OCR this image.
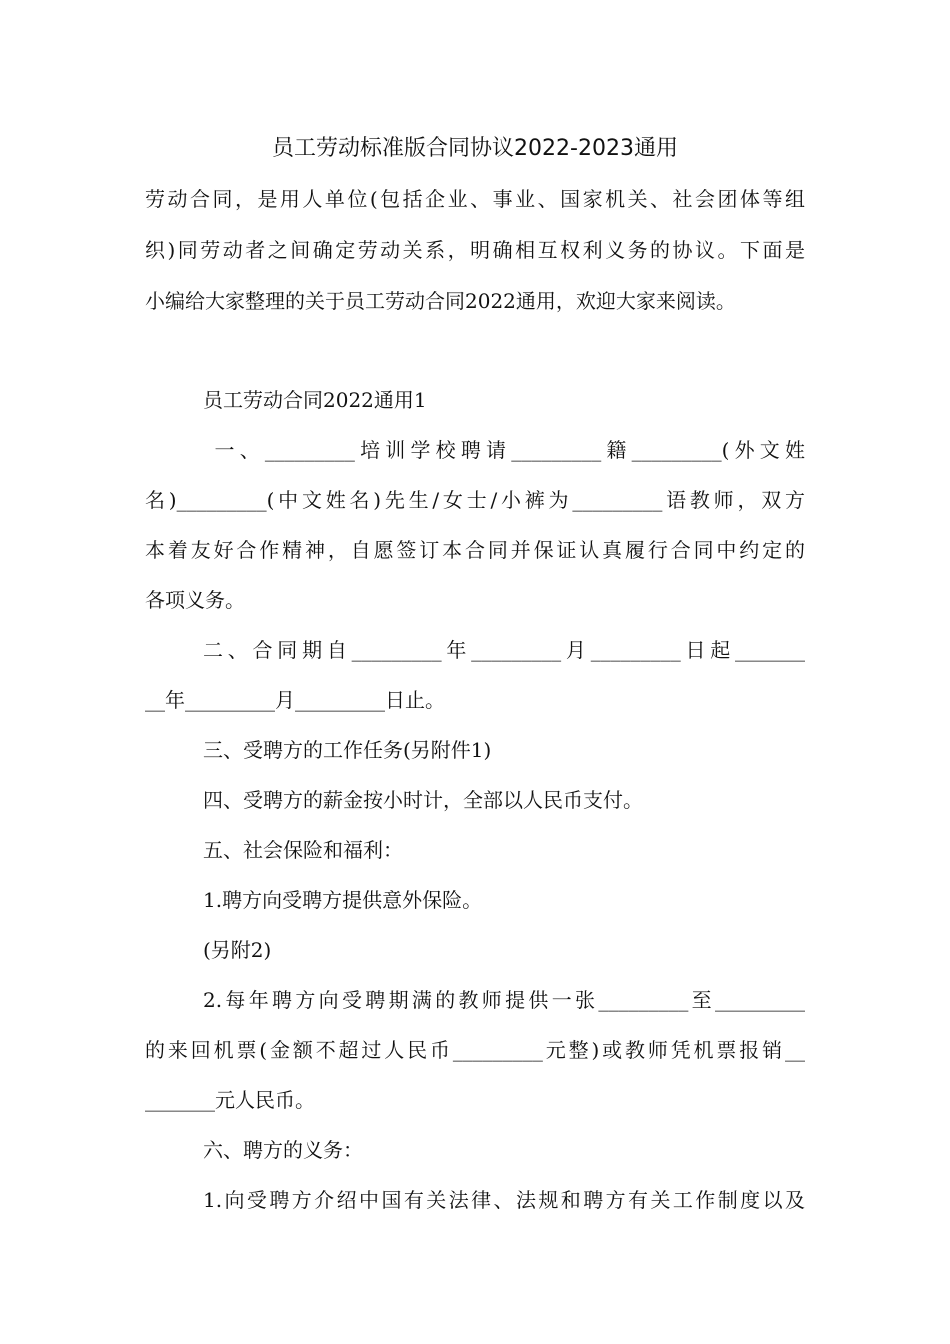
员工劳动标准版合同协议2022-2023通用
劳动合同，是用人单位(包括企业、事业、国家机关、社会团体等组
织)同劳动者之间确定劳动关系，明确相互权利义务的协议。下面是
小编给大家整理的关于员工劳动合同2022通用，欢迎大家来阅读。
员工劳动合同2022通用1
一、_________培训学校聘请_________籍_________(外文姓
名)_________(中文姓名)先生/女士/小裤为_________语教师，双方
本着友好合作精神，自愿签订本合同并保证认真履行合同中约定的
各项义务。
二、合同期自_________年_________月_________日起_______
__年_________月_________日止。
三、受聘方的工作任务(另附件1)
四、受聘方的薪金按小时计，全部以人民币支付。
五、社会保险和福利：
1.聘方向受聘方提供意外保险。
(另附2)
2.每年聘方向受聘期满的教师提供一张_________至_________
的来回机票(金额不超过人民币_________元整)或教师凭机票报销__
_______元人民币。
六、聘方的义务：
1.向受聘方介绍中国有关法律、法规和聘方有关工作制度以及
